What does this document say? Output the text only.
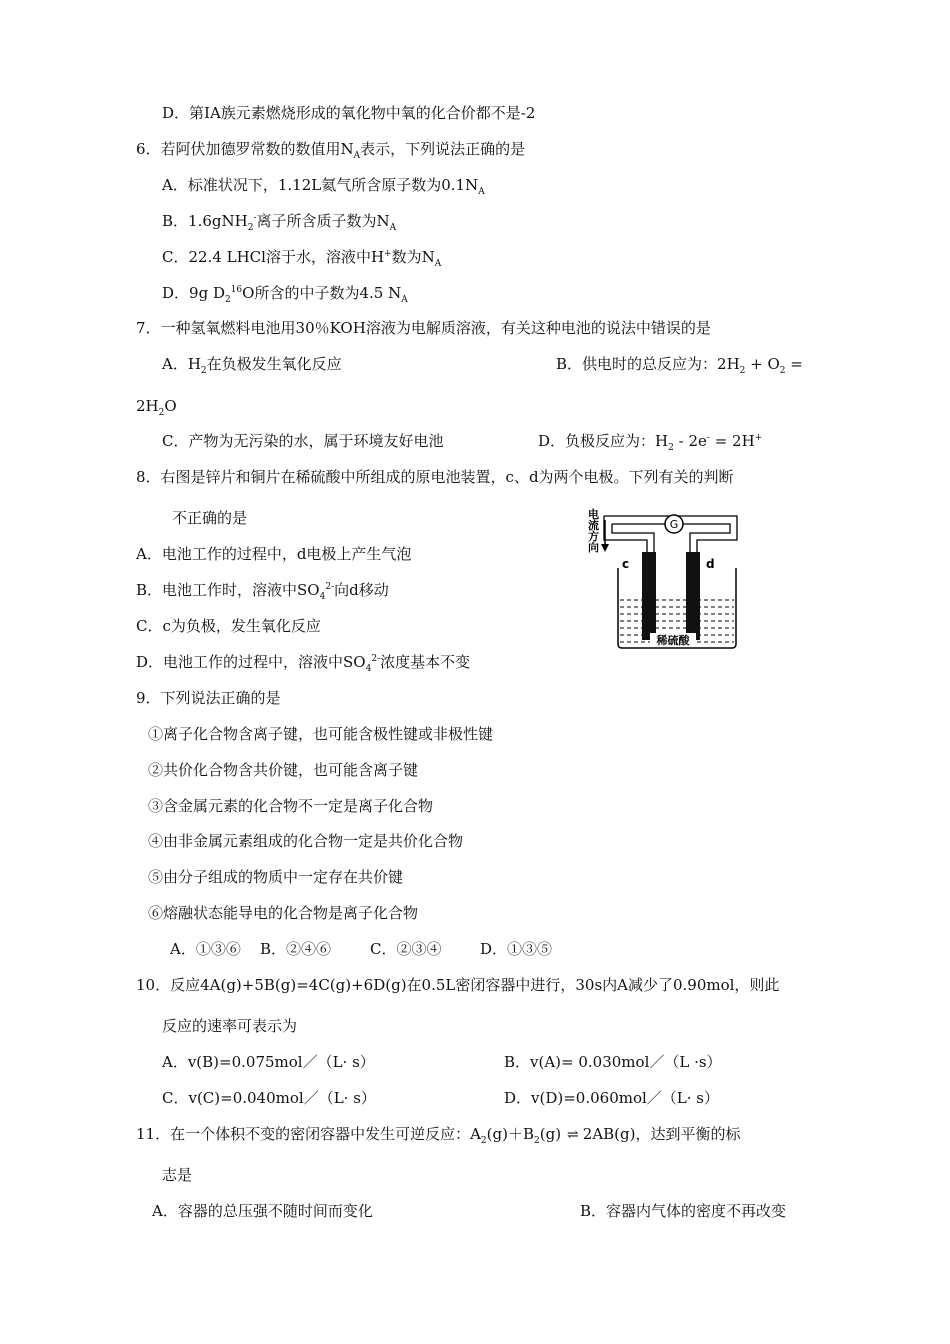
D．第ⅠA族元素燃烧形成的氧化物中氧的化合价都不是-2
6．若阿伏加德罗常数的数值用$N_A$表示，下列说法正确的是
A．标准状况下，1.12L氦气所含原子数为$0.1N_A$
B．1.6gNH$_2$-离子所含质子数为$N_A$
C．22.4 LHCl溶于水，溶液中H+数为$N_A$
D．9g $D_2^{16}O$所含的中子数为4.5 $N_A$
7．一种氢氧燃料电池用30％KOH溶液为电解质溶液，有关这种电池的说法中错误的是
A．$H_2$在负极发生氧化反应	B．供电时的总反应为：$2H_2 + O_2$ =
$2H_2O$
C．产物为无污染的水，属于环境友好电池	D．负极反应为：$H_2 - 2e^- = 2H^+$
8．右图是锌片和铜片在稀硫酸中所组成的原电池装置，c、d为两个电极。下列有关的判断
不正确的是
A．电池工作的过程中，d电极上产生气泡
B．电池工作时，溶液中$SO_4^{2-}$向d移动
C．c为负极，发生氧化反应
D．电池工作的过程中，溶液中$SO_4^{2-}$浓度基本不变
电
流
方
向
G
c	d
稀硫酸
9．下列说法正确的是
①离子化合物含离子键，也可能含极性键或非极性键
②共价化合物含共价键，也可能含离子键
③含金属元素的化合物不一定是离子化合物
④由非金属元素组成的化合物一定是共价化合物
⑤由分子组成的物质中一定存在共价键
⑥熔融状态能导电的化合物是离子化合物
A．①③⑥ B．②④⑥	C．②③④	D．①③⑤
10．反应4A(g)+5B(g)=4C(g)+6D(g)在0.5L密闭容器中进行，30s内A减少了0.90mol，则此
反应的速率可表示为
A．v(B)=0.075mol／（L· s）	B．v(A)= 0.030mol／（L ·s）
C．v(C)=0.040mol／（L· s）	D．v(D)=0.060mol／（L· s）
11．在一个体积不变的密闭容器中发生可逆反应：$A_2(g)+B_2(g)$ ⇌ 2AB(g)，达到平衡的标
志是
A．容器的总压强不随时间而变化	B．容器内气体的密度不再改变
